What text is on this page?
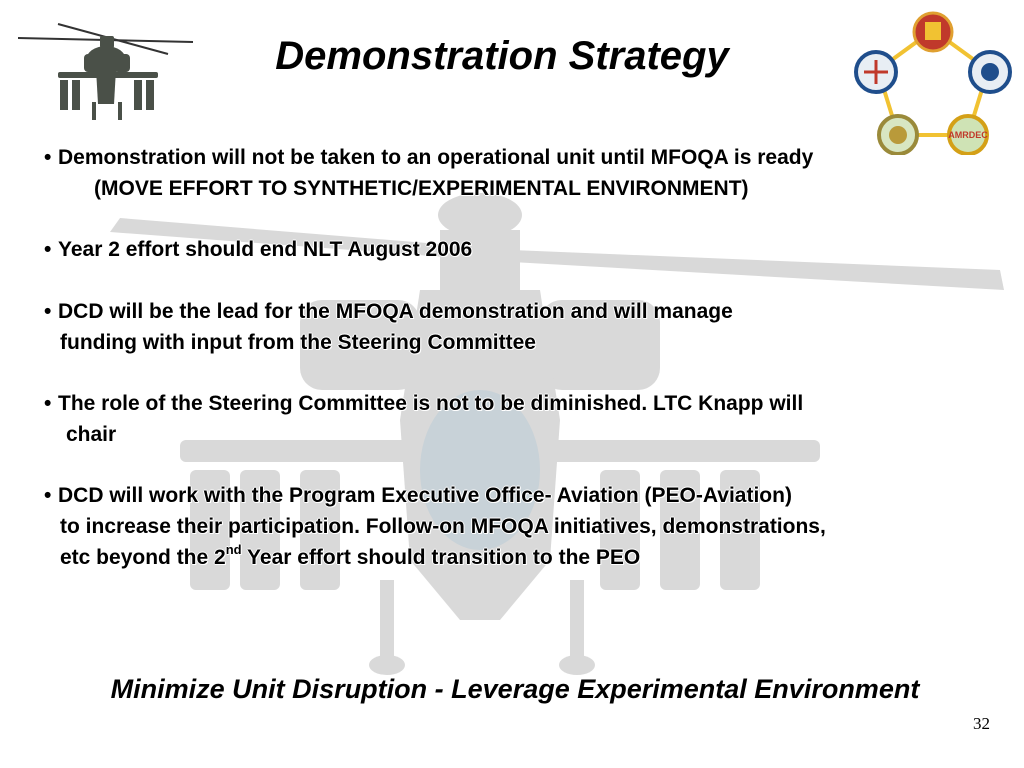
AMRDEC
Demonstration Strategy
• Demonstration will not be taken to an operational unit until MFOQA is ready
(MOVE EFFORT TO SYNTHETIC/EXPERIMENTAL ENVIRONMENT)
• Year 2 effort should end NLT August 2006
• DCD will be the lead for the MFOQA demonstration and will manage
funding with input from the Steering Committee
• The role of the Steering Committee is not to be diminished. LTC Knapp will
chair
• DCD will work with the Program Executive Office- Aviation (PEO-Aviation)
to increase their participation. Follow-on MFOQA initiatives, demonstrations,
etc beyond the 2nd Year effort should transition to the PEO
Minimize Unit Disruption - Leverage Experimental Environment
32
